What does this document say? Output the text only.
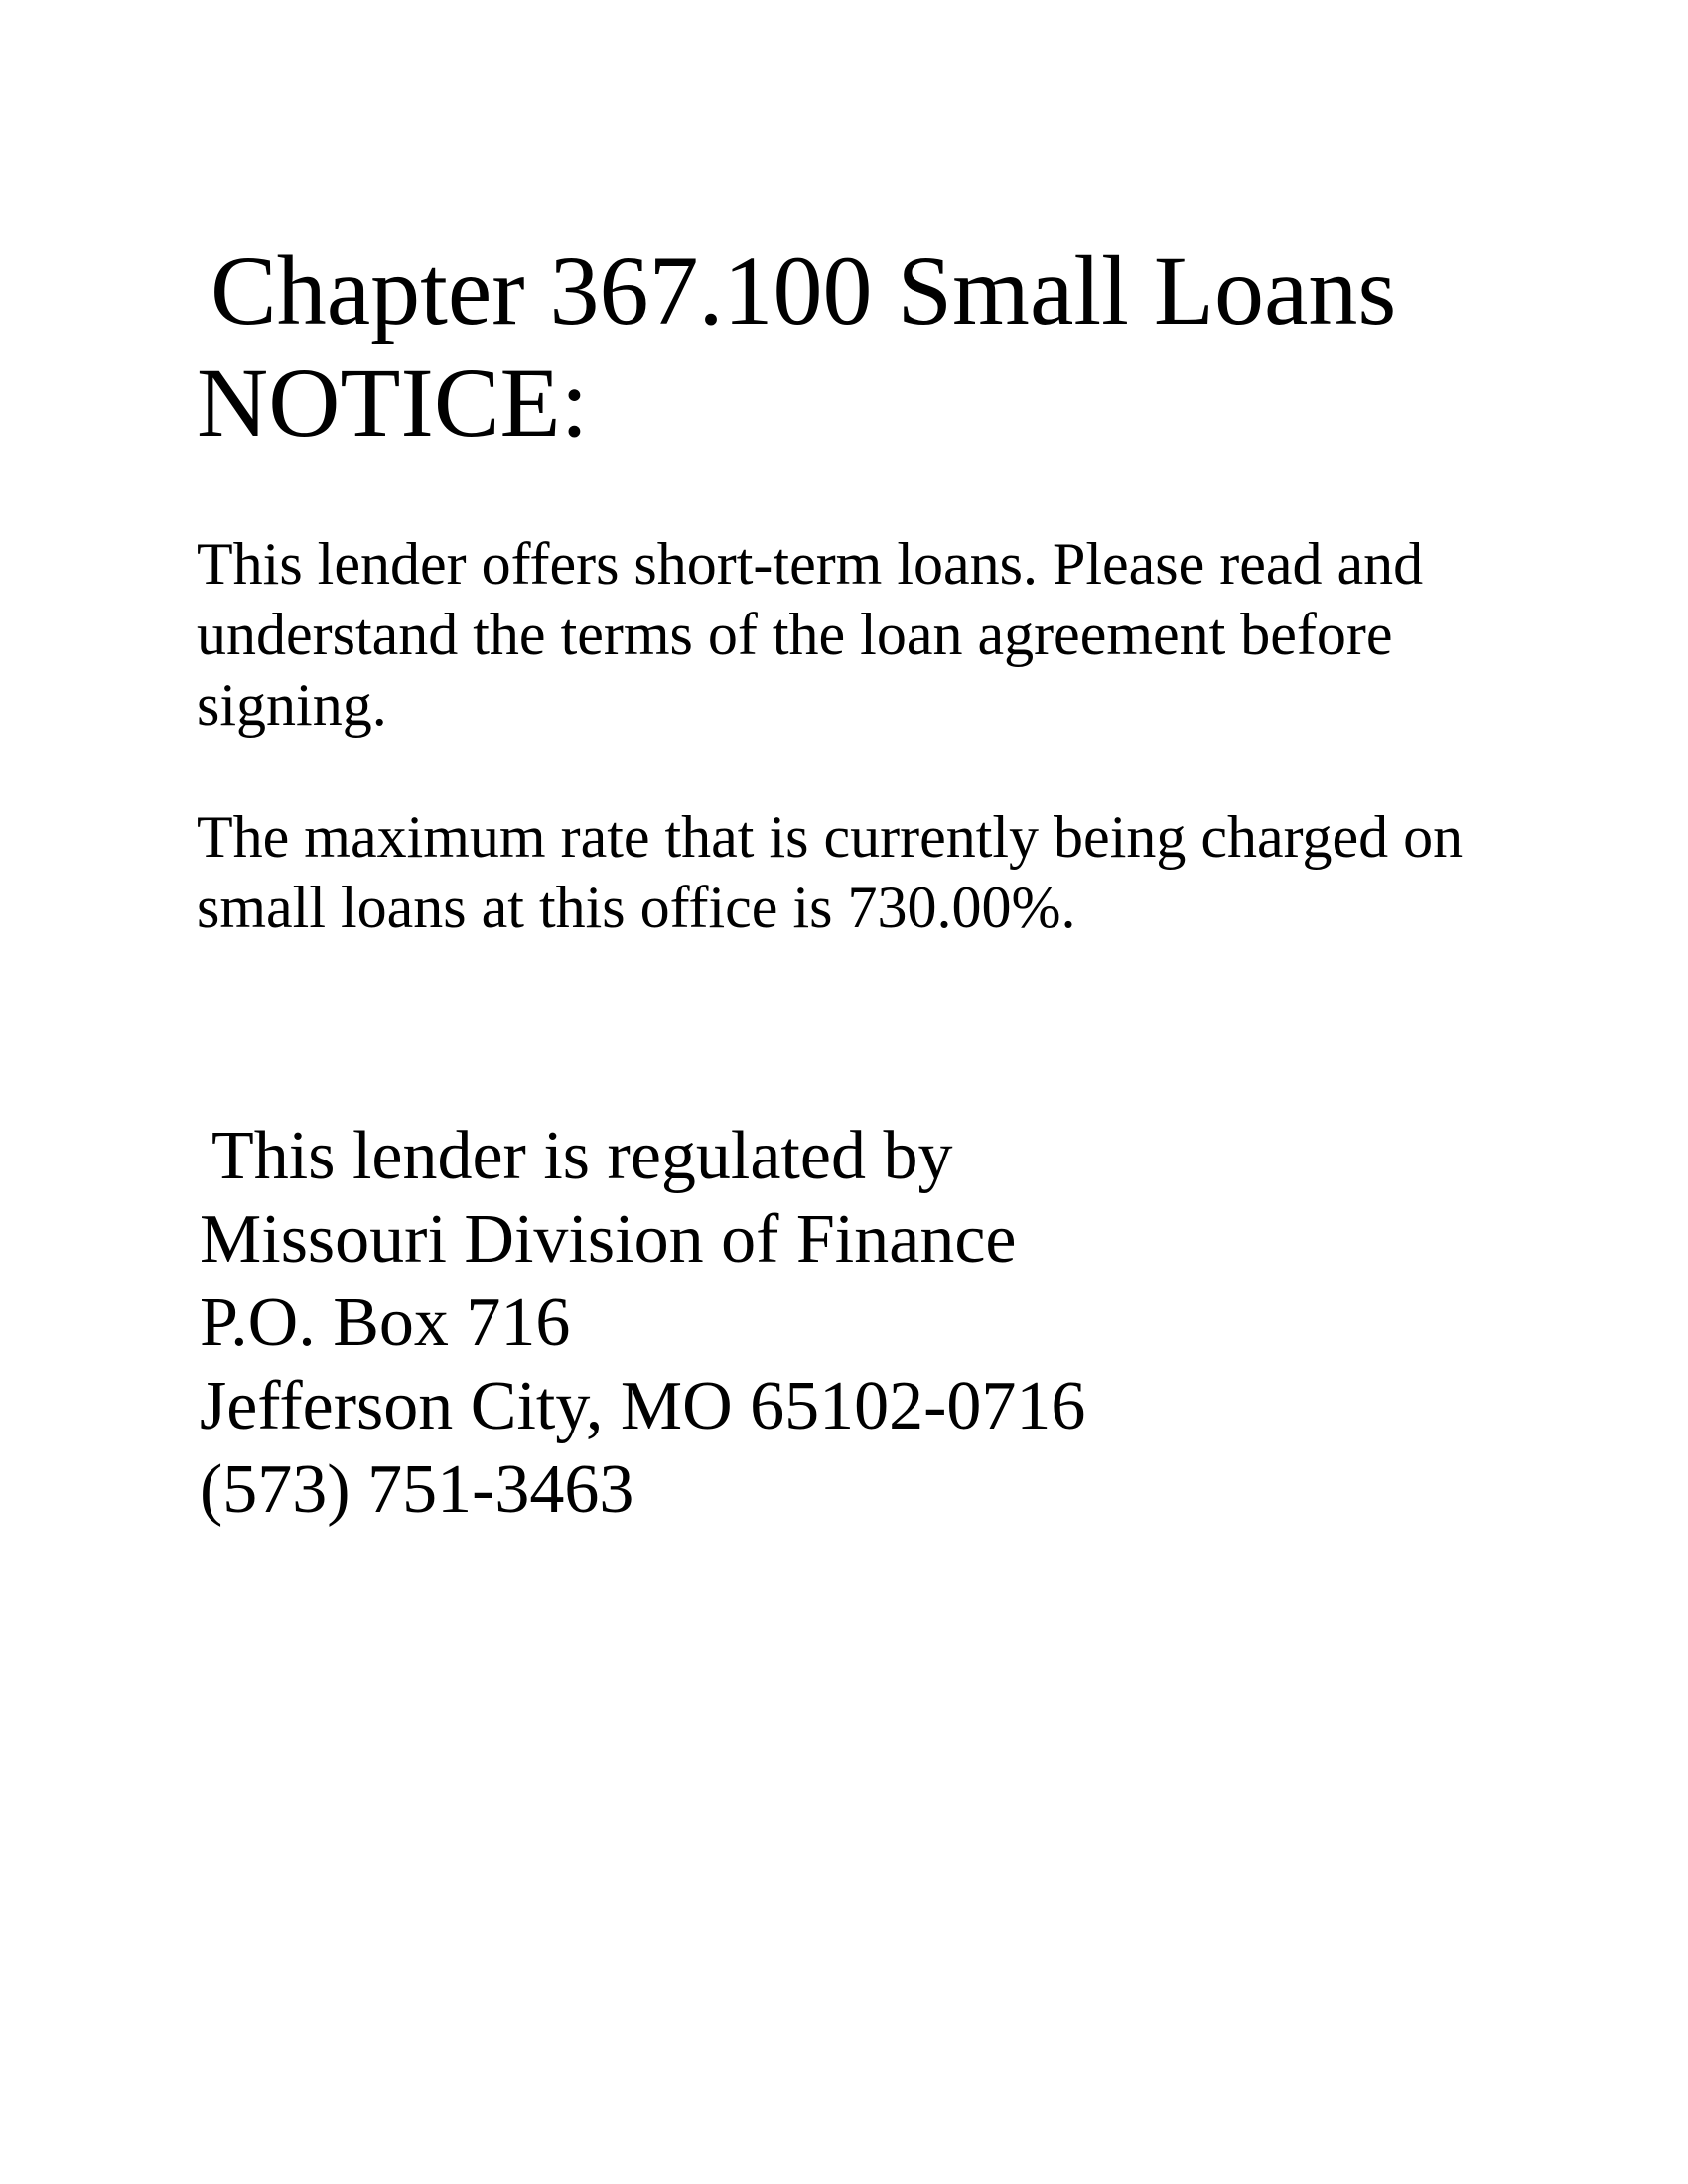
Chapter 367.100 Small Loans
NOTICE:
This lender offers short-term loans. Please read and
understand the terms of the loan agreement before
signing.
The maximum rate that is currently being charged on
small loans at this office is 730.00%.
This lender is regulated by
Missouri Division of Finance
P.O. Box 716
Jefferson City, MO 65102-0716
(573) 751-3463
